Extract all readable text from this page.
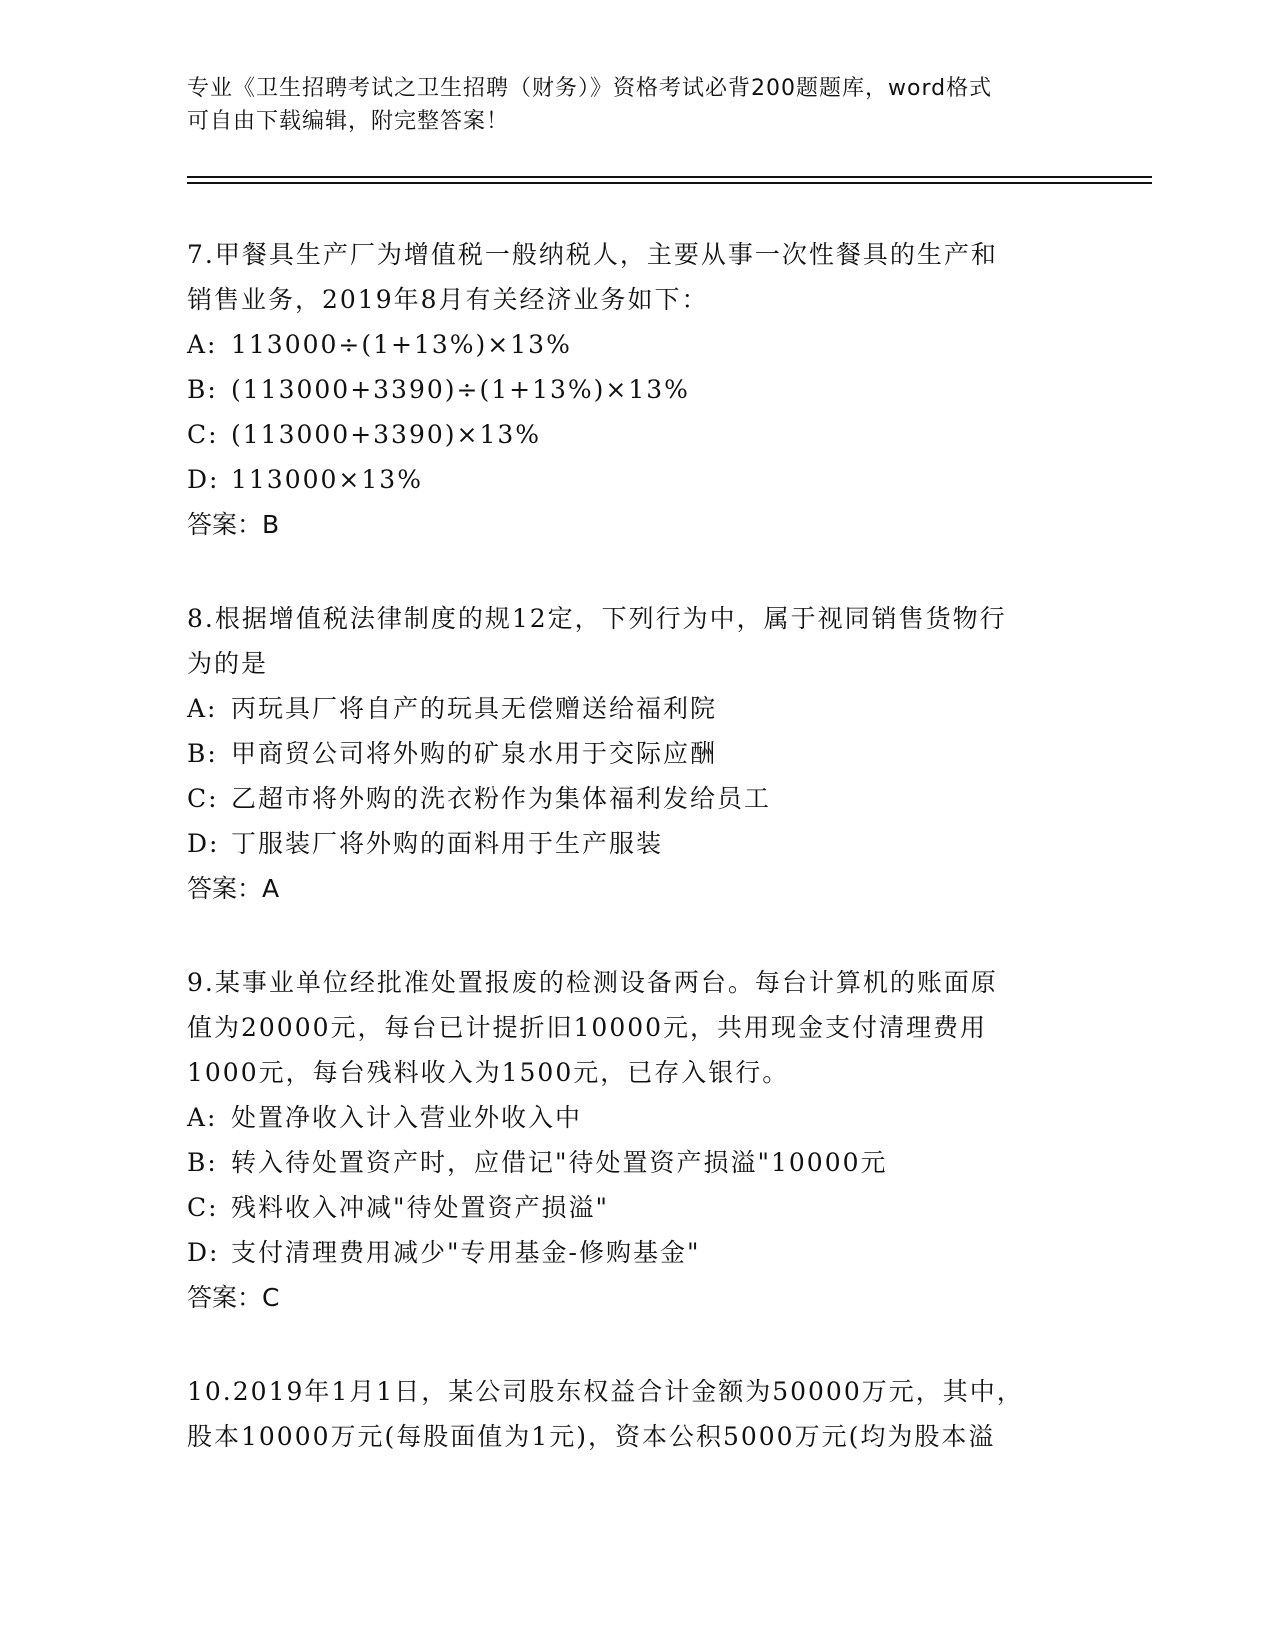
专业《卫生招聘考试之卫生招聘（财务）》资格考试必背200题题库，word格式
可自由下载编辑，附完整答案！
7.甲餐具生产厂为增值税一般纳税人，主要从事一次性餐具的生产和
销售业务，2019年8月有关经济业务如下：
A: 113000÷(1+13%)×13%
B: (113000+3390)÷(1+13%)×13%
C: (113000+3390)×13%
D: 113000×13%
答案：B
8.根据增值税法律制度的规12定，下列行为中，属于视同销售货物行
为的是
A: 丙玩具厂将自产的玩具无偿赠送给福利院
B: 甲商贸公司将外购的矿泉水用于交际应酬
C: 乙超市将外购的洗衣粉作为集体福利发给员工
D: 丁服装厂将外购的面料用于生产服装
答案：A
9.某事业单位经批准处置报废的检测设备两台。每台计算机的账面原
值为20000元，每台已计提折旧10000元，共用现金支付清理费用
1000元，每台残料收入为1500元，已存入银行。
A: 处置净收入计入营业外收入中
B: 转入待处置资产时，应借记"待处置资产损溢"10000元
C: 残料收入冲减"待处置资产损溢"
D: 支付清理费用减少"专用基金-修购基金"
答案：C
10.2019年1月1日，某公司股东权益合计金额为50000万元，其中，
股本10000万元(每股面值为1元)，资本公积5000万元(均为股本溢
